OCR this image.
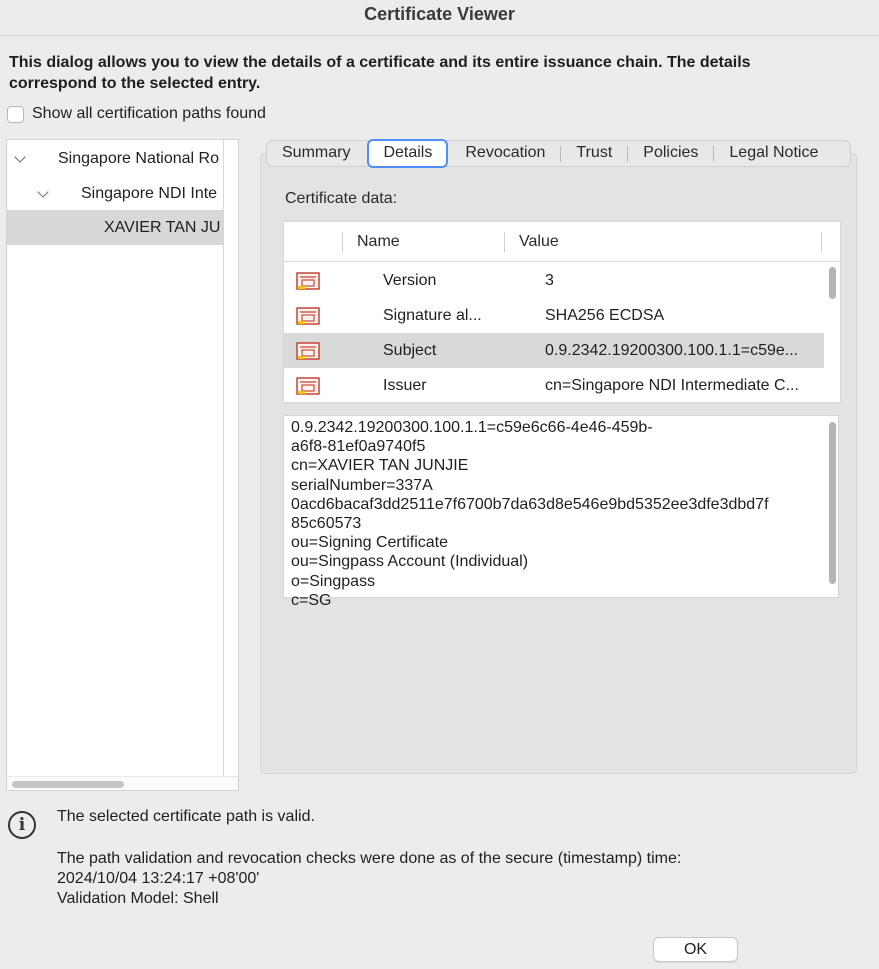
Certificate Viewer
This dialog allows you to view the details of a certificate and its entire issuance chain. The details correspond to the selected entry.
Show all certification paths found
Singapore National Ro
Singapore NDI Inte
XAVIER TAN JU
Summary	Details	Revocation	Trust	Policies	Legal Notice
Certificate data:
Name	Value
Version	3
Signature al...	SHA256 ECDSA
Subject	0.9.2342.19200300.100.1.1=c59e...
Issuer	cn=Singapore NDI Intermediate C...
0.9.2342.19200300.100.1.1=c59e6c66-4e46-459b-
a6f8-81ef0a9740f5
cn=XAVIER TAN JUNJIE
serialNumber=337A
0acd6bacaf3dd2511e7f6700b7da63d8e546e9bd5352ee3dfe3dbd7f
85c60573
ou=Signing Certificate
ou=Singpass Account (Individual)
o=Singpass
c=SG
i	The selected certificate path is valid.
The path validation and revocation checks were done as of the secure (timestamp) time:
2024/10/04 13:24:17 +08'00'
Validation Model: Shell
OK
